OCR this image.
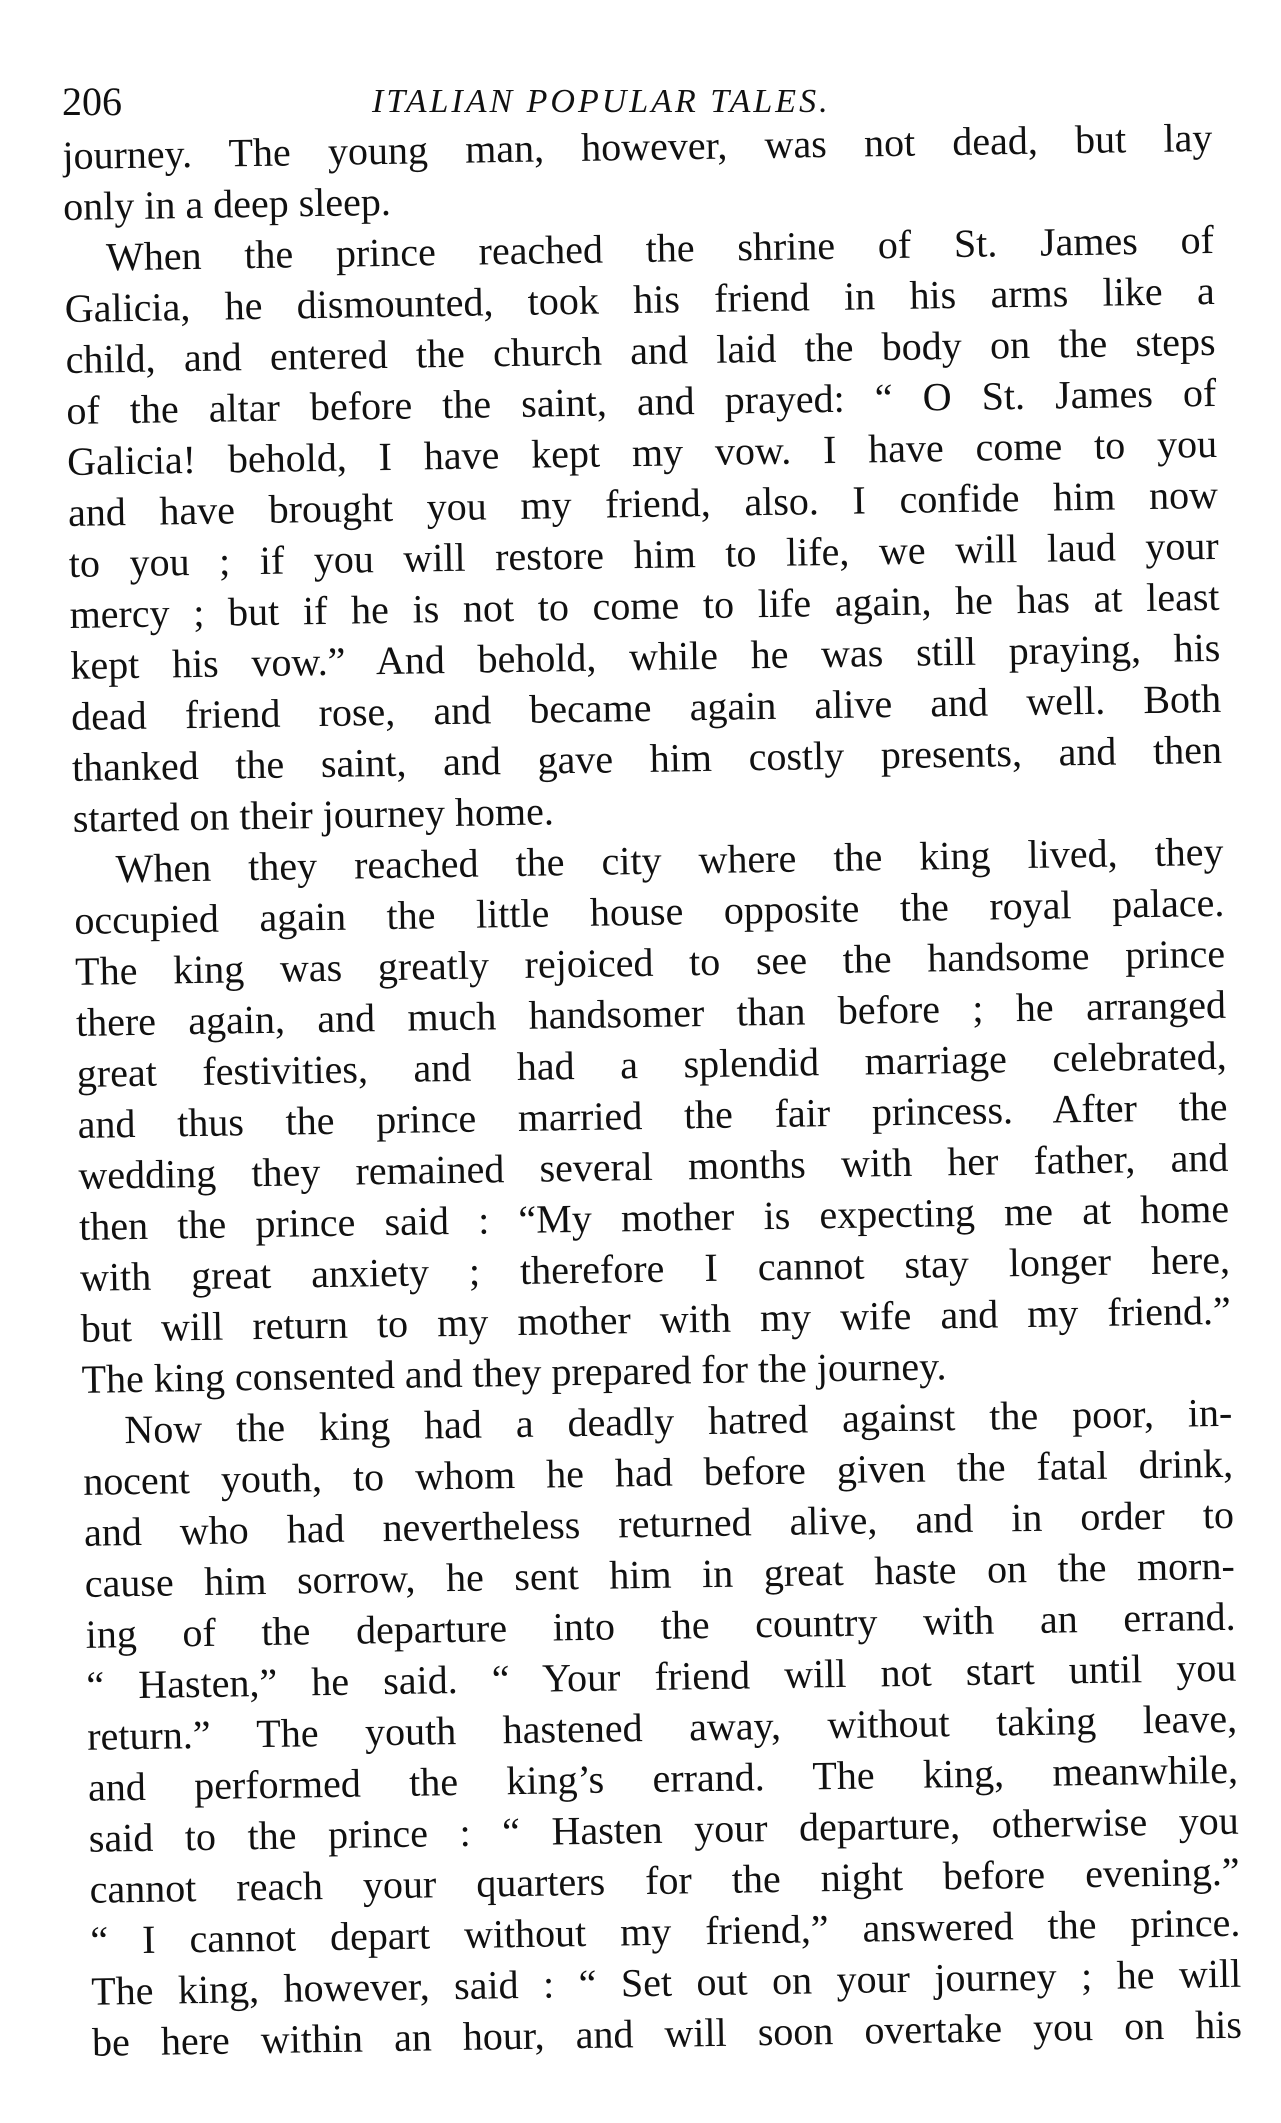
206	ITALIAN POPULAR TALES.
journey. The young man, however, was not dead, but lay
only in a deep sleep.
When the prince reached the shrine of St. James of
Galicia, he dismounted, took his friend in his arms like a
child, and entered the church and laid the body on the steps
of the altar before the saint, and prayed: “ O St. James of
Galicia! behold, I have kept my vow. I have come to you
and have brought you my friend, also. I confide him now
to you ; if you will restore him to life, we will laud your
mercy ; but if he is not to come to life again, he has at least
kept his vow.” And behold, while he was still praying, his
dead friend rose, and became again alive and well. Both
thanked the saint, and gave him costly presents, and then
started on their journey home.
When they reached the city where the king lived, they
occupied again the little house opposite the royal palace.
The king was greatly rejoiced to see the handsome prince
there again, and much handsomer than before ; he arranged
great festivities, and had a splendid marriage celebrated,
and thus the prince married the fair princess. After the
wedding they remained several months with her father, and
then the prince said : “My mother is expecting me at home
with great anxiety ; therefore I cannot stay longer here,
but will return to my mother with my wife and my friend.”
The king consented and they prepared for the journey.
Now the king had a deadly hatred against the poor, in-
nocent youth, to whom he had before given the fatal drink,
and who had nevertheless returned alive, and in order to
cause him sorrow, he sent him in great haste on the morn-
ing of the departure into the country with an errand.
“ Hasten,” he said. “ Your friend will not start until you
return.” The youth hastened away, without taking leave,
and performed the king’s errand. The king, meanwhile,
said to the prince : “ Hasten your departure, otherwise you
cannot reach your quarters for the night before evening.”
“ I cannot depart without my friend,” answered the prince.
The king, however, said : “ Set out on your journey ; he will
be here within an hour, and will soon overtake you on his
